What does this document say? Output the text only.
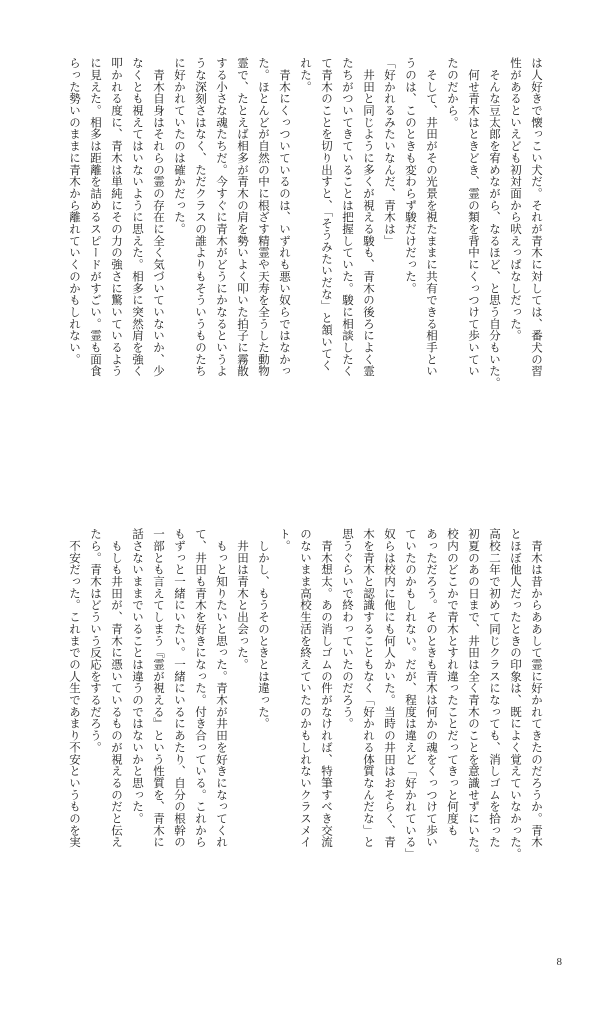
は人好きで懐っこい犬だ。それが青木に対しては、番犬の習
性があるといえども初対面から吠えっぱなしだった。
　そんな豆太郎を宥めながら、なるほど、と思う自分もいた。
　何せ青木はときどき、霊の類を背中にくっつけて歩いてい
たのだから。
　そして、井田がその光景を視たままに共有できる相手とい
うのは、このときも変わらず駿だけだった。
「好かれるみたいなんだ、青木は」
　井田と同じように多くが視える駿も、青木の後ろによく霊
たちがついてきていることは把握していた。駿に相談したく
て青木のことを切り出すと、「そうみたいだな」と頷いてく
れた。
　青木にくっついているのは、いずれも悪い奴らではなかっ
た。ほとんどが自然の中に根ざす精霊や天寿を全うした動物
霊で、たとえば相多が青木の肩を勢いよく叩いた拍子に霧散
する小さな魂たちだ。今すぐに青木がどうにかなるというよ
うな深刻さはなく、ただクラスの誰よりもそういうものたち
に好かれていたのは確かだった。
　青木自身はそれらの霊の存在に全く気づいていないか、少
なくとも視えてはいないように思えた。相多に突然肩を強く
叩かれる度に、青木は単純にその力の強さに驚いているよう
に見えた。相多は距離を詰めるスピードがすごい。霊も面食
らった勢いのままに青木から離れていくのかもしれない。
　青木は昔からああして霊に好かれてきたのだろうか。青木
とほぼ他人だったときの印象は、既によく覚えていなかった。
高校二年で初めて同じクラスになっても、消しゴムを拾った
初夏のあの日まで、井田は全く青木のことを意識せずにいた。
校内のどこかで青木とすれ違ったことだってきっと何度も
あっただろう。そのときも青木は何かの魂をくっつけて歩い
ていたのかもしれない。だが、程度は違えど「好かれている」
奴らは校内に他にも何人かいた。当時の井田はおそらく、青
木を青木と認識することもなく「好かれる体質なんだな」と
思うぐらいで終わっていたのだろう。
　青木想太。あの消しゴムの件がなければ、特筆すべき交流
のないまま高校生活を終えていたのかもしれないクラスメイ
ト。
　しかし、もうそのときとは違った。
　井田は青木と出会った。
　もっと知りたいと思った。青木が井田を好きになってくれ
て、井田も青木を好きになった。付き合っている。これから
もずっと一緒にいたい。一緒にいるにあたり、自分の根幹の
一部とも言えてしまう『霊が視える』という性質を、青木に
話さないままでいることは違うのではないかと思った。
　もしも井田が、青木に憑いているものが視えるのだと伝え
たら。青木はどういう反応をするだろう。
　不安だった。これまでの人生であまり不安というものを実
8
